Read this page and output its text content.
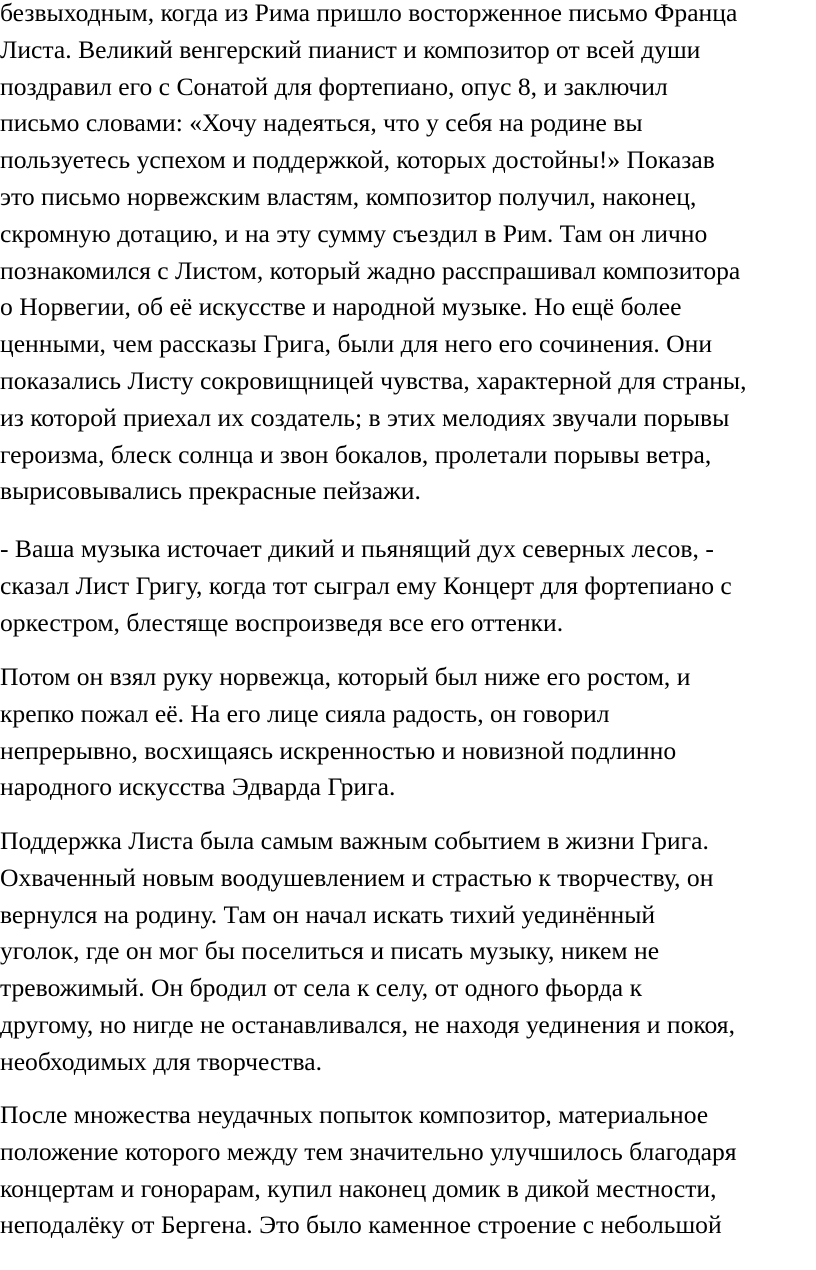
безвыходным, когда из Рима пришло восторженное письмо Франца
Листа. Великий венгерский пианист и композитор от всей души
поздравил его с Сонатой для фортепиано, опус 8, и заключил
письмо словами: «Хочу надеяться, что у себя на родине вы
пользуетесь успехом и поддержкой, которых достойны!» Показав
это письмо норвежским властям, композитор получил, наконец,
скромную дотацию, и на эту сумму съездил в Рим. Там он лично
познакомился с Листом, который жадно расспрашивал композитора
о Норвегии, об её искусстве и народной музыке. Но ещё более
ценными, чем рассказы Грига, были для него его сочинения. Они
показались Листу сокровищницей чувства, характерной для страны,
из которой приехал их создатель; в этих мелодиях звучали порывы
героизма, блеск солнца и звон бокалов, пролетали порывы ветра,
вырисовывались прекрасные пейзажи.

- Ваша музыка источает дикий и пьянящий дух северных лесов, -
сказал Лист Григу, когда тот сыграл ему Концерт для фортепиано с
оркестром, блестяще воспроизведя все его оттенки.

Потом он взял руку норвежца, который был ниже его ростом, и
крепко пожал её. На его лице сияла радость, он говорил
непрерывно, восхищаясь искренностью и новизной подлинно
народного искусства Эдварда Грига.

Поддержка Листа была самым важным событием в жизни Грига.
Охваченный новым воодушевлением и страстью к творчеству, он
вернулся на родину. Там он начал искать тихий уединённый
уголок, где он мог бы поселиться и писать музыку, никем не
тревожимый. Он бродил от села к селу, от одного фьорда к
другому, но нигде не останавливался, не находя уединения и покоя,
необходимых для творчества.

После множества неудачных попыток композитор, материальное
положение которого между тем значительно улучшилось благодаря
концертам и гонорарам, купил наконец домик в дикой местности,
неподалёку от Бергена. Это было каменное строение с небольшой
